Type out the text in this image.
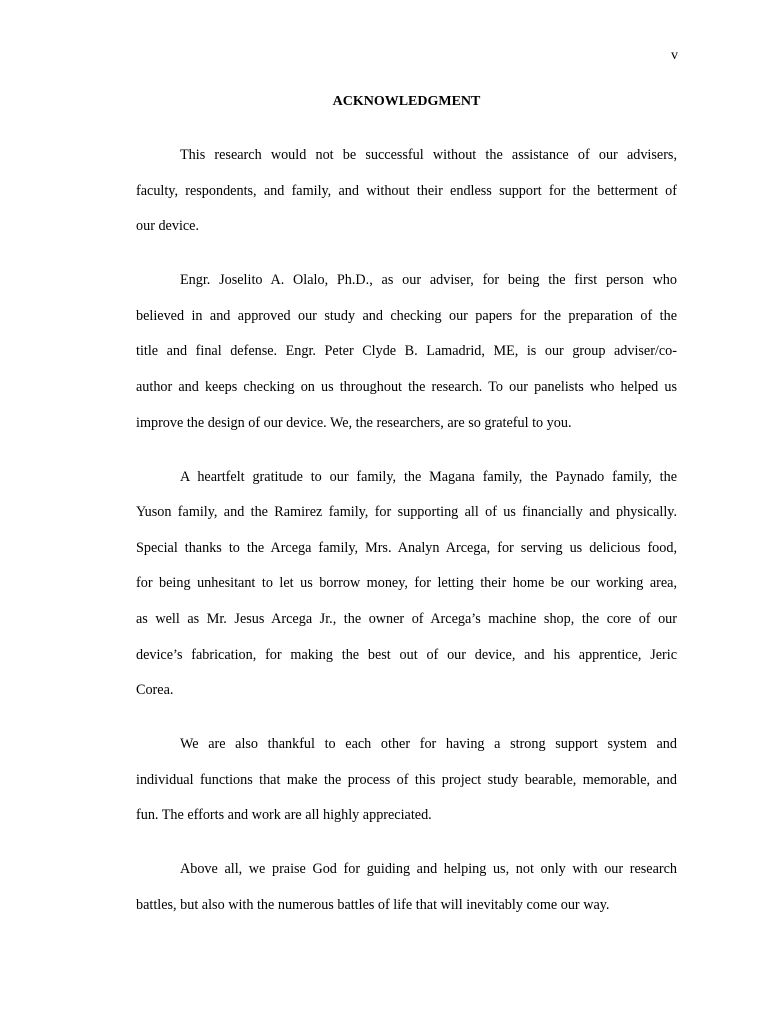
v
ACKNOWLEDGMENT
This research would not be successful without the assistance of our advisers,
faculty, respondents, and family, and without their endless support for the betterment of
our device.
Engr. Joselito A. Olalo, Ph.D., as our adviser, for being the first person who
believed in and approved our study and checking our papers for the preparation of the
title and final defense. Engr. Peter Clyde B. Lamadrid, ME, is our group adviser/co-
author and keeps checking on us throughout the research. To our panelists who helped us
improve the design of our device. We, the researchers, are so grateful to you.
A heartfelt gratitude to our family, the Magana family, the Paynado family, the
Yuson family, and the Ramirez family, for supporting all of us financially and physically.
Special thanks to the Arcega family, Mrs. Analyn Arcega, for serving us delicious food,
for being unhesitant to let us borrow money, for letting their home be our working area,
as well as Mr. Jesus Arcega Jr., the owner of Arcega’s machine shop, the core of our
device’s fabrication, for making the best out of our device, and his apprentice, Jeric
Corea.
We are also thankful to each other for having a strong support system and
individual functions that make the process of this project study bearable, memorable, and
fun. The efforts and work are all highly appreciated.
Above all, we praise God for guiding and helping us, not only with our research
battles, but also with the numerous battles of life that will inevitably come our way.
